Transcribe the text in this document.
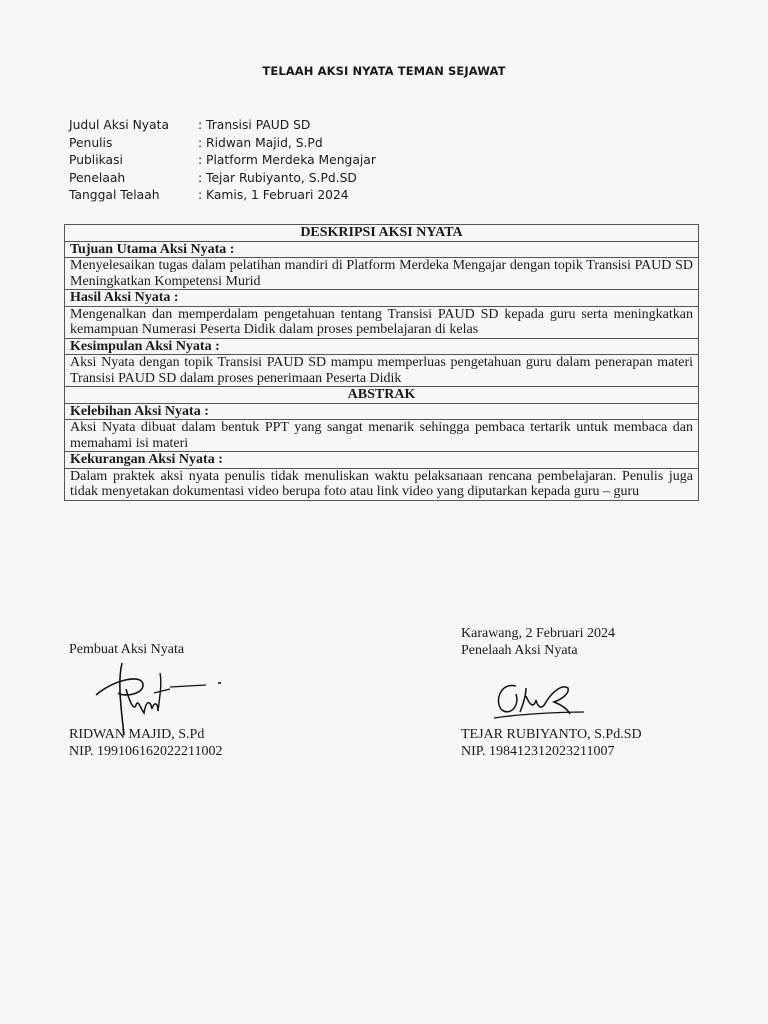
TELAAH AKSI NYATA TEMAN SEJAWAT
Judul Aksi Nyata	: Transisi PAUD SD
Penulis	: Ridwan Majid, S.Pd
Publikasi	: Platform Merdeka Mengajar
Penelaah	: Tejar Rubiyanto, S.Pd.SD
Tanggal Telaah	: Kamis, 1 Februari 2024
DESKRIPSI AKSI NYATA
Tujuan Utama Aksi Nyata :
Menyelesaikan tugas dalam pelatihan mandiri di Platform Merdeka Mengajar dengan topik Transisi PAUD SD Meningkatkan Kompetensi Murid
Hasil Aksi Nyata :
Mengenalkan dan memperdalam pengetahuan tentang Transisi PAUD SD kepada guru serta meningkatkan kemampuan Numerasi Peserta Didik dalam proses pembelajaran di kelas
Kesimpulan Aksi Nyata :
Aksi Nyata dengan topik Transisi PAUD SD mampu memperluas pengetahuan guru dalam penerapan materi Transisi PAUD SD dalam proses penerimaan Peserta Didik
ABSTRAK
Kelebihan Aksi Nyata :
Aksi Nyata dibuat dalam bentuk PPT yang sangat menarik sehingga pembaca tertarik untuk membaca dan memahami isi materi
Kekurangan Aksi Nyata :
Dalam praktek aksi nyata penulis tidak menuliskan waktu pelaksanaan rencana pembelajaran. Penulis juga tidak menyetakan dokumentasi video berupa foto atau link video yang diputarkan kepada guru – guru
Pembuat Aksi Nyata
RIDWAN MAJID, S.Pd
NIP. 199106162022211002
Karawang, 2 Februari 2024
Penelaah Aksi Nyata
TEJAR RUBIYANTO, S.Pd.SD
NIP. 198412312023211007
